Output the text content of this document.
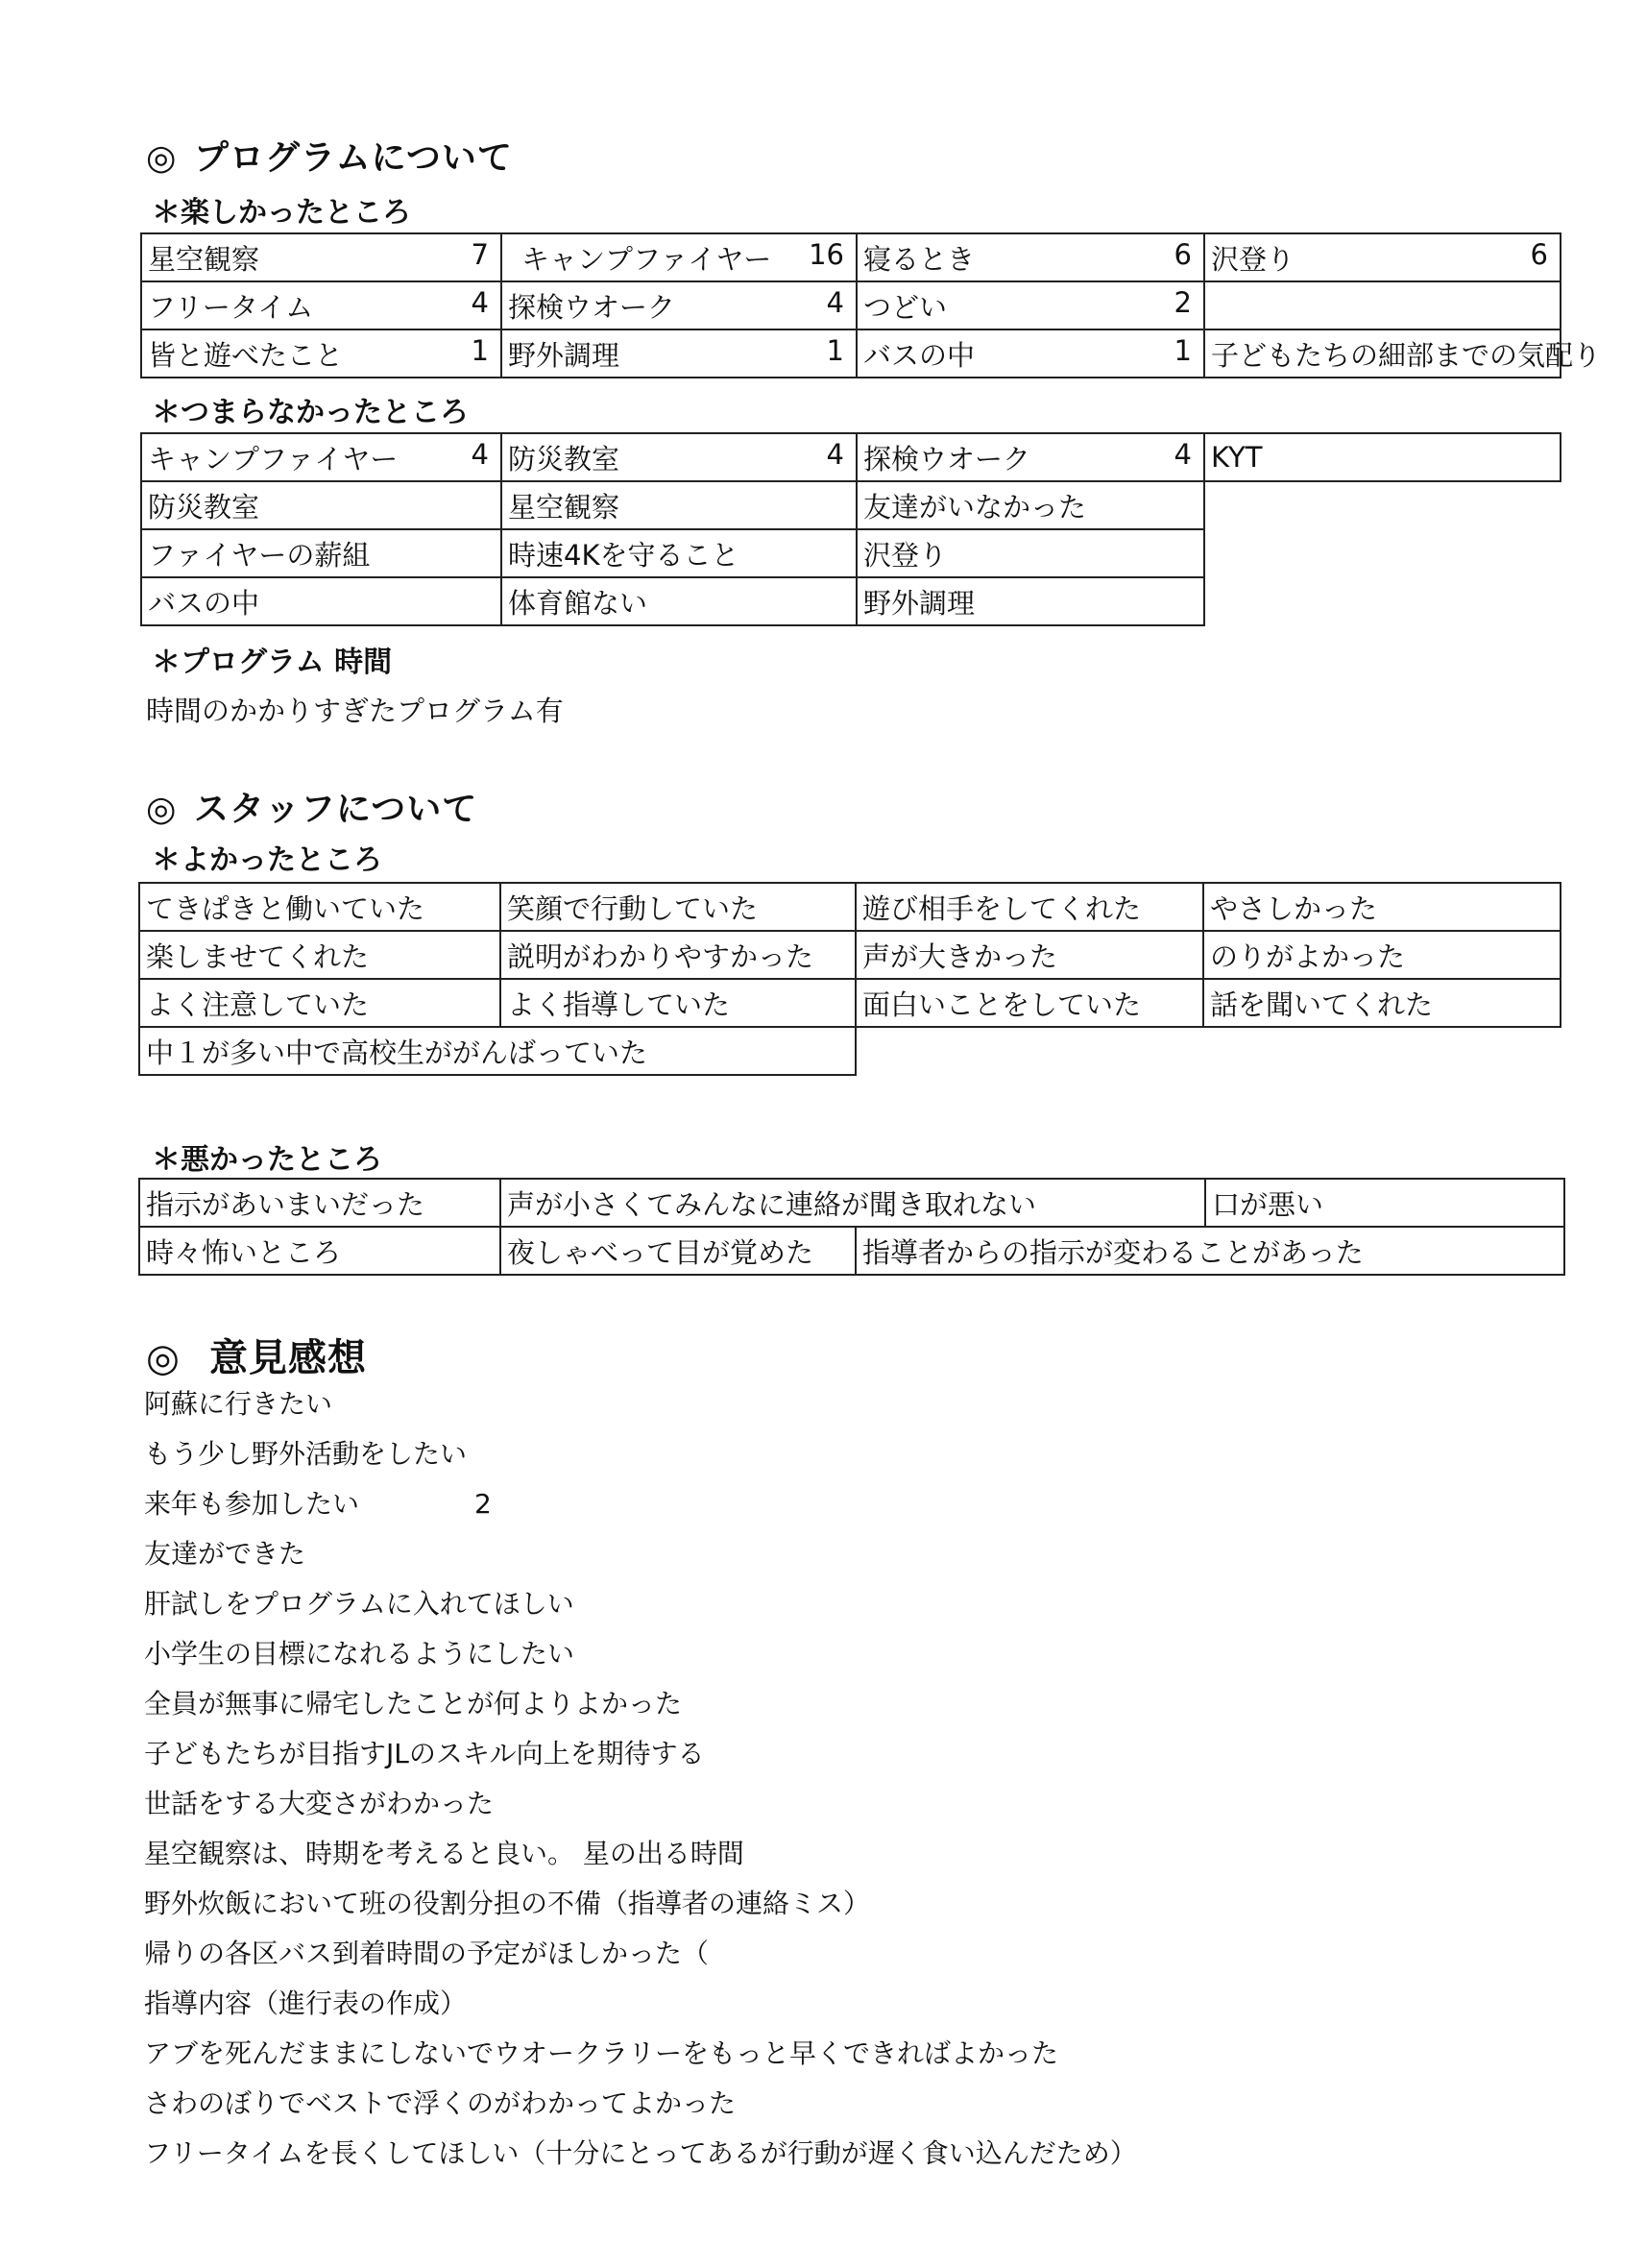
◎ プログラムについて
＊楽しかったところ
星空観察 7	キャンプファイヤー 16	寝るとき 6	沢登り 6

フリータイム 4	探検ウオーク 4	つどい 2	

皆と遊べたこと 1	野外調理 1	バスの中 1	子どもたちの細部までの気配り
＊つまらなかったところ
キャンプファイヤー 4	防災教室 4	探検ウオーク 4	KYT

防災教室	星空観察	友達がいなかった	

ファイヤーの薪組	時速4Kを守ること	沢登り	

バスの中	体育館ない	野外調理	

＊プログラム 時間
時間のかかりすぎたプログラム有
◎ スタッフについて
＊よかったところ
てきぱきと働いていた	笑顔で行動していた	遊び相手をしてくれた	やさしかった
楽しませてくれた	説明がわかりやすかった	声が大きかった	のりがよかった
よく注意していた	よく指導していた	面白いことをしていた	話を聞いてくれた
中１が多い中で高校生ががんばっていた			
＊悪かったところ
指示があいまいだった	声が小さくてみんなに連絡が聞き取れない		口が悪い
時々怖いところ	夜しゃべって目が覚めた	指導者からの指示が変わることがあった	
◎ 意見感想
阿蘇に行きたい
もう少し野外活動をしたい
来年も参加したい	2
友達ができた
肝試しをプログラムに入れてほしい
小学生の目標になれるようにしたい
全員が無事に帰宅したことが何よりよかった
子どもたちが目指すJLのスキル向上を期待する
世話をする大変さがわかった
星空観察は、時期を考えると良い。 星の出る時間
野外炊飯において班の役割分担の不備（指導者の連絡ミス）
帰りの各区バス到着時間の予定がほしかった（
指導内容（進行表の作成）
アブを死んだままにしないでウオークラリーをもっと早くできればよかった
さわのぼりでベストで浮くのがわかってよかった
フリータイムを長くしてほしい（十分にとってあるが行動が遅く食い込んだため）
